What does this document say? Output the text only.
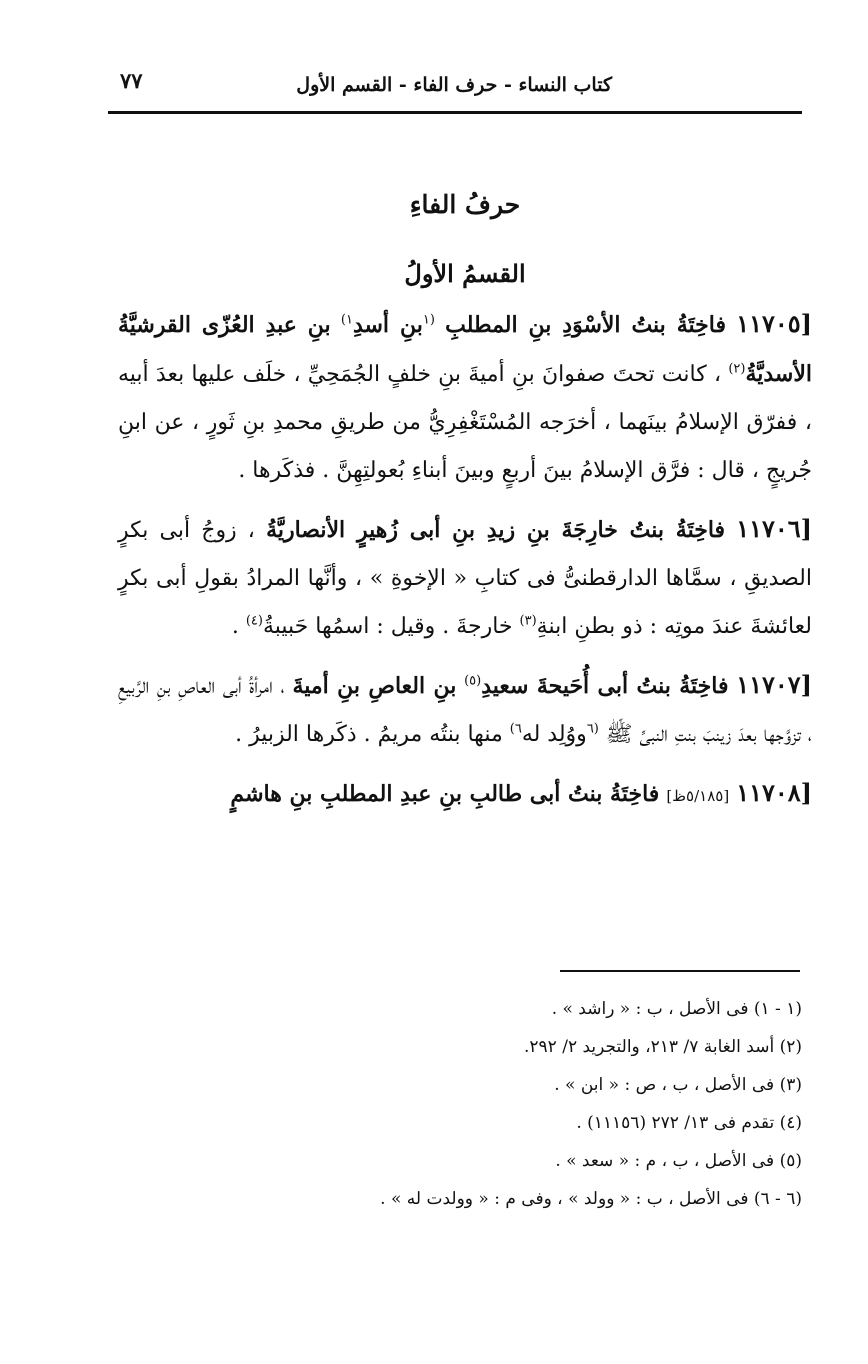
كتاب النساء - حرف الفاء - القسم الأول
٧٧
حرفُ الفاءِ
القسمُ الأولُ

[١١٧٠٥ فاخِتَةُ بنتُ الأسْوَدِ بنِ المطلبِ $^{(١}$بنِ أسدِ$^{١)}$ بنِ عبدِ العُزّى القرشيَّةُ الأسديَّةُ$^{(٢)}$ ، كانت تحتَ صفوانَ بنِ أميةَ بنِ خلفٍ الجُمَحِيِّ ، خلَف عليها بعدَ أبيه ، ففرّق الإسلامُ بينَهما ، أخرَجه المُسْتَغْفِرِيُّ من طريقِ محمدِ بنِ ثَورٍ ، عن ابنِ جُريجٍ ، قال : فرَّق الإسلامُ بينَ أربعٍ وبينَ أبناءِ بُعولتِهِنَّ . فذكَرها .

[١١٧٠٦ فاخِتَةُ بنتُ خارِجَةَ بنِ زيدِ بنِ أبى زُهيرٍ الأنصاريَّةُ ، زوجُ أبى بكرٍ الصديقِ ، سمَّاها الدارقطنىُّ فى كتابِ « الإخوةِ » ، وأنَّها المرادُ بقولِ أبى بكرٍ لعائشةَ عندَ موتِه : ذو بطنِ ابنةِ$^{(٣)}$ خارجةَ . وقيل : اسمُها حَبيبةُ$^{(٤)}$ .

[١١٧٠٧ فاخِتَةُ بنتُ أبى أُحَيحةَ سعيدِ$^{(٥)}$ بنِ العاصِ بنِ أميةَ ، امرأةُ أبى العاصِ بنِ الرَّبيعِ ، تزوَّجها بعدَ زينبَ بنتِ النبىِّ ﷺ $^{(٦}$ووُلِد له$^{٦)}$ منها بنتُه مريمُ . ذكَرها الزبيرُ .

[١١٧٠٨ [٥/١٨٥ظ] فاخِتَةُ بنتُ أبى طالبِ بنِ عبدِ المطلبِ بنِ هاشمٍ

(١ - ١) فى الأصل ، ب : « راشد » .
(٢) أسد الغابة ٧/ ٢١٣، والتجريد ٢/ ٢٩٢.
(٣) فى الأصل ، ب ، ص : « ابن » .
(٤) تقدم فى ١٣/ ٢٧٢ (١١١٥٦) .
(٥) فى الأصل ، ب ، م : « سعد » .
(٦ - ٦) فى الأصل ، ب : « وولد » ، وفى م : « وولدت له » .
